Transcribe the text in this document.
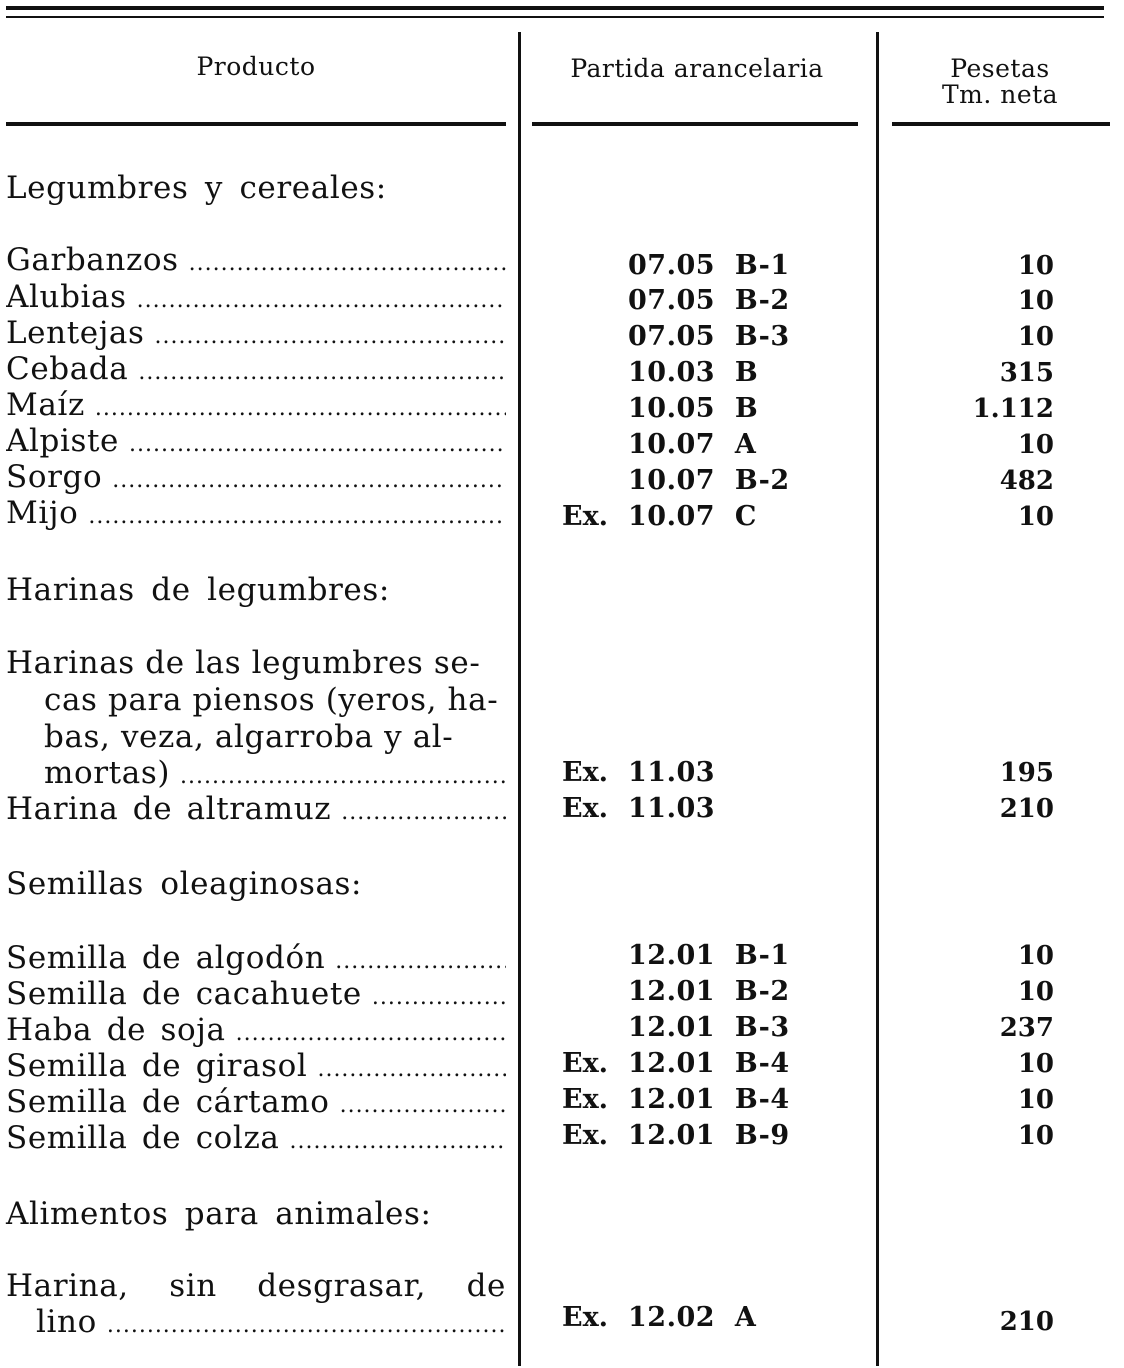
Producto	Partida arancelaria	Pesetas
Tm. neta
Legumbres y cereales:
Garbanzos .....	07.05 B-1	10
Alubias .....	07.05 B-2	10
Lentejas .....	07.05 B-3	10
Cebada .....	10.03 B	315
Maíz .....	10.05 B	1.112
Alpiste .....	10.07 A	10
Sorgo .....	10.07 B-2	482
Mijo .....	Ex. 10.07 C	10
Harinas de legumbres:
Harinas de las legumbres se-
cas para piensos (yeros, ha-
bas, veza, algarroba y al-
mortas) .....	Ex. 11.03	195
Harina de altramuz .....	Ex. 11.03	210
Semillas oleaginosas:
Semilla de algodón .....	12.01 B-1	10
Semilla de cacahuete .....	12.01 B-2	10
Haba de soja .....	12.01 B-3	237
Semilla de girasol .....	Ex. 12.01 B-4	10
Semilla de cártamo .....	Ex. 12.01 B-4	10
Semilla de colza .....	Ex. 12.01 B-9	10
Alimentos para animales:
Harina, sin desgrasar, de
lino .....	Ex. 12.02 A	210
